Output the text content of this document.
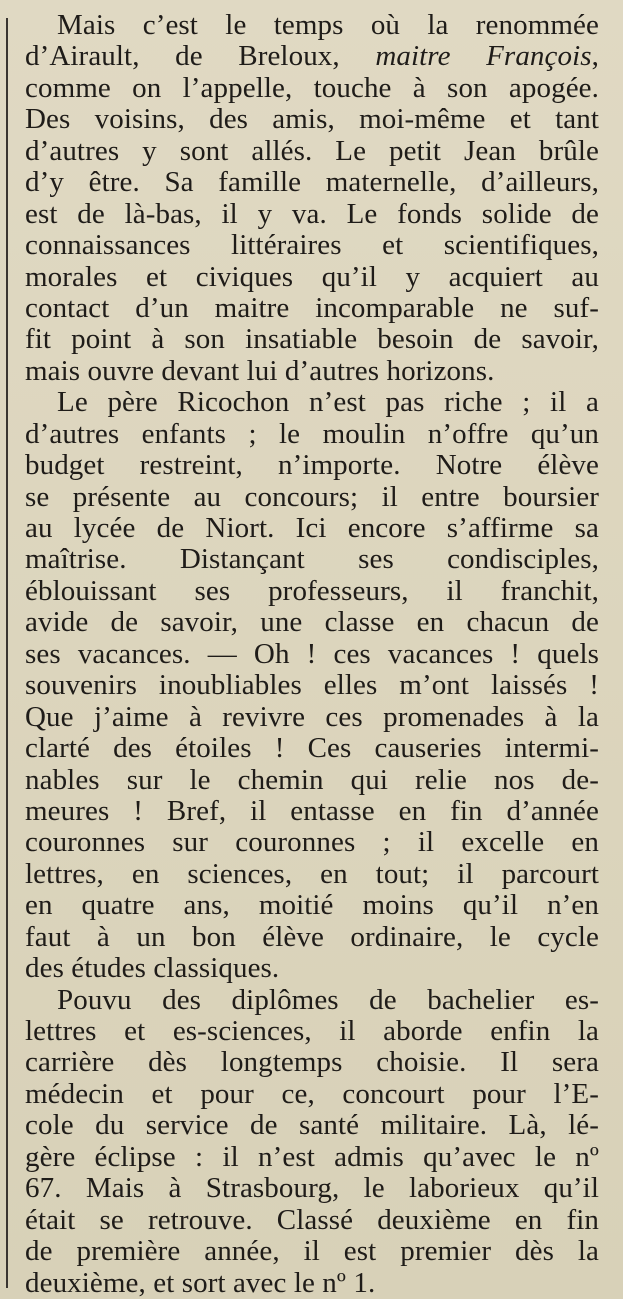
Mais c’est le temps où la renommée
d’Airault, de Breloux, maitre François,
comme on l’appelle, touche à son apogée.
Des voisins, des amis, moi-même et tant
d’autres y sont allés. Le petit Jean brûle
d’y être. Sa famille maternelle, d’ailleurs,
est de là-bas, il y va. Le fonds solide de
connaissances littéraires et scientifiques,
morales et civiques qu’il y acquiert au
contact d’un maitre incomparable ne suf-
fit point à son insatiable besoin de savoir,
mais ouvre devant lui d’autres horizons.
Le père Ricochon n’est pas riche ; il a
d’autres enfants ; le moulin n’offre qu’un
budget restreint, n’importe. Notre élève
se présente au concours; il entre boursier
au lycée de Niort. Ici encore s’affirme sa
maîtrise. Distançant ses condisciples,
éblouissant ses professeurs, il franchit,
avide de savoir, une classe en chacun de
ses vacances. — Oh ! ces vacances ! quels
souvenirs inoubliables elles m’ont laissés !
Que j’aime à revivre ces promenades à la
clarté des étoiles ! Ces causeries intermi-
nables sur le chemin qui relie nos de-
meures ! Bref, il entasse en fin d’année
couronnes sur couronnes ; il excelle en
lettres, en sciences, en tout; il parcourt
en quatre ans, moitié moins qu’il n’en
faut à un bon élève ordinaire, le cycle
des études classiques.
Pouvu des diplômes de bachelier es-
lettres et es-sciences, il aborde enfin la
carrière dès longtemps choisie. Il sera
médecin et pour ce, concourt pour l’E-
cole du service de santé militaire. Là, lé-
gère éclipse : il n’est admis qu’avec le nº
67. Mais à Strasbourg, le laborieux qu’il
était se retrouve. Classé deuxième en fin
de première année, il est premier dès la
deuxième, et sort avec le nº 1.
